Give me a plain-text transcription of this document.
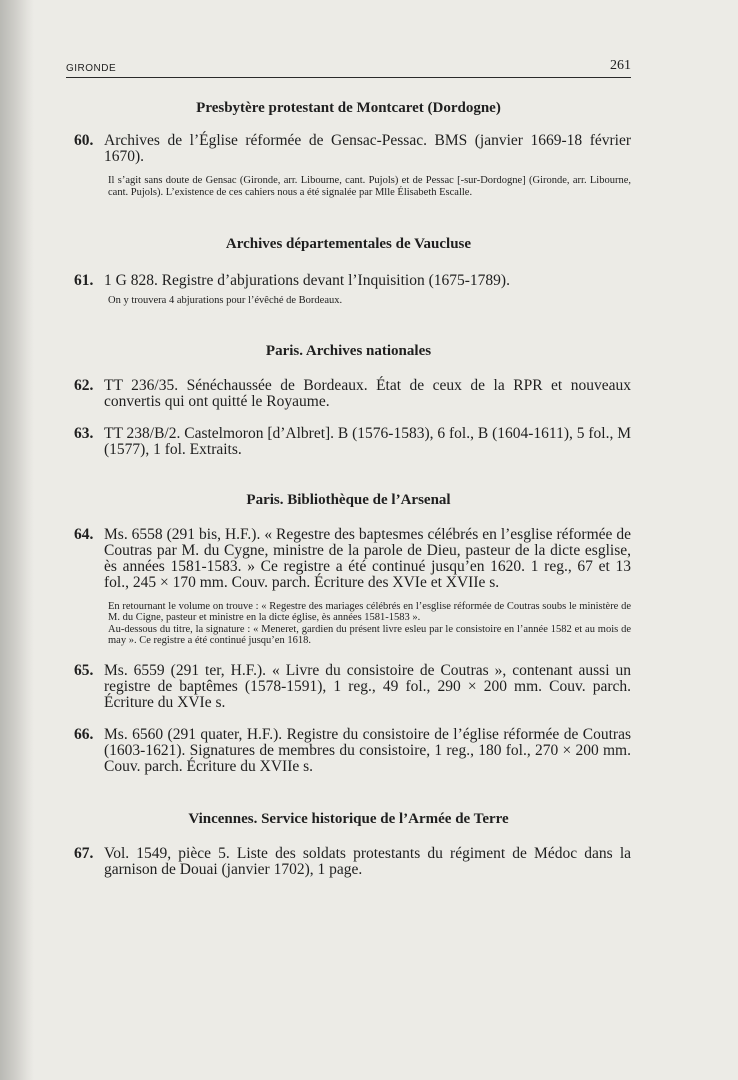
GIRONDE	261
Presbytère protestant de Montcaret (Dordogne)
60. Archives de l’Église réformée de Gensac-Pessac. BMS (janvier 1669-18 février 1670).

Il s’agit sans doute de Gensac (Gironde, arr. Libourne, cant. Pujols) et de Pessac [-sur-Dordogne] (Gironde, arr. Libourne, cant. Pujols). L’existence de ces cahiers nous a été signalée par Mlle Élisabeth Escalle.

Archives départementales de Vaucluse
61. 1 G 828. Registre d’abjurations devant l’Inquisition (1675-1789).

On y trouvera 4 abjurations pour l’évêché de Bordeaux.

Paris. Archives nationales
62. TT 236/35. Sénéchaussée de Bordeaux. État de ceux de la RPR et nouveaux convertis qui ont quitté le Royaume.

63. TT 238/B/2. Castelmoron [d’Albret]. B (1576-1583), 6 fol., B (1604-1611), 5 fol., M (1577), 1 fol. Extraits.

Paris. Bibliothèque de l’Arsenal
64. Ms. 6558 (291 bis, H.F.). « Regestre des baptesmes célébrés en l’esglise réformée de Coutras par M. du Cygne, ministre de la parole de Dieu, pasteur de la dicte esglise, ès années 1581-1583. » Ce registre a été continué jusqu’en 1620. 1 reg., 67 et 13 fol., 245 × 170 mm. Couv. parch. Écriture des XVIe et XVIIe s.

En retournant le volume on trouve : « Regestre des mariages célébrés en l’esglise réformée de Coutras soubs le ministère de M. du Cigne, pasteur et ministre en la dicte église, ès années 1581-1583 ».

Au-dessous du titre, la signature : « Meneret, gardien du présent livre esleu par le consistoire en l’année 1582 et au mois de may ». Ce registre a été continué jusqu’en 1618.

65. Ms. 6559 (291 ter, H.F.). « Livre du consistoire de Coutras », contenant aussi un registre de baptêmes (1578-1591), 1 reg., 49 fol., 290 × 200 mm. Couv. parch. Écriture du XVIe s.

66. Ms. 6560 (291 quater, H.F.). Registre du consistoire de l’église réformée de Coutras (1603-1621). Signatures de membres du consistoire, 1 reg., 180 fol., 270 × 200 mm. Couv. parch. Écriture du XVIIe s.

Vincennes. Service historique de l’Armée de Terre
67. Vol. 1549, pièce 5. Liste des soldats protestants du régiment de Médoc dans la garnison de Douai (janvier 1702), 1 page.
